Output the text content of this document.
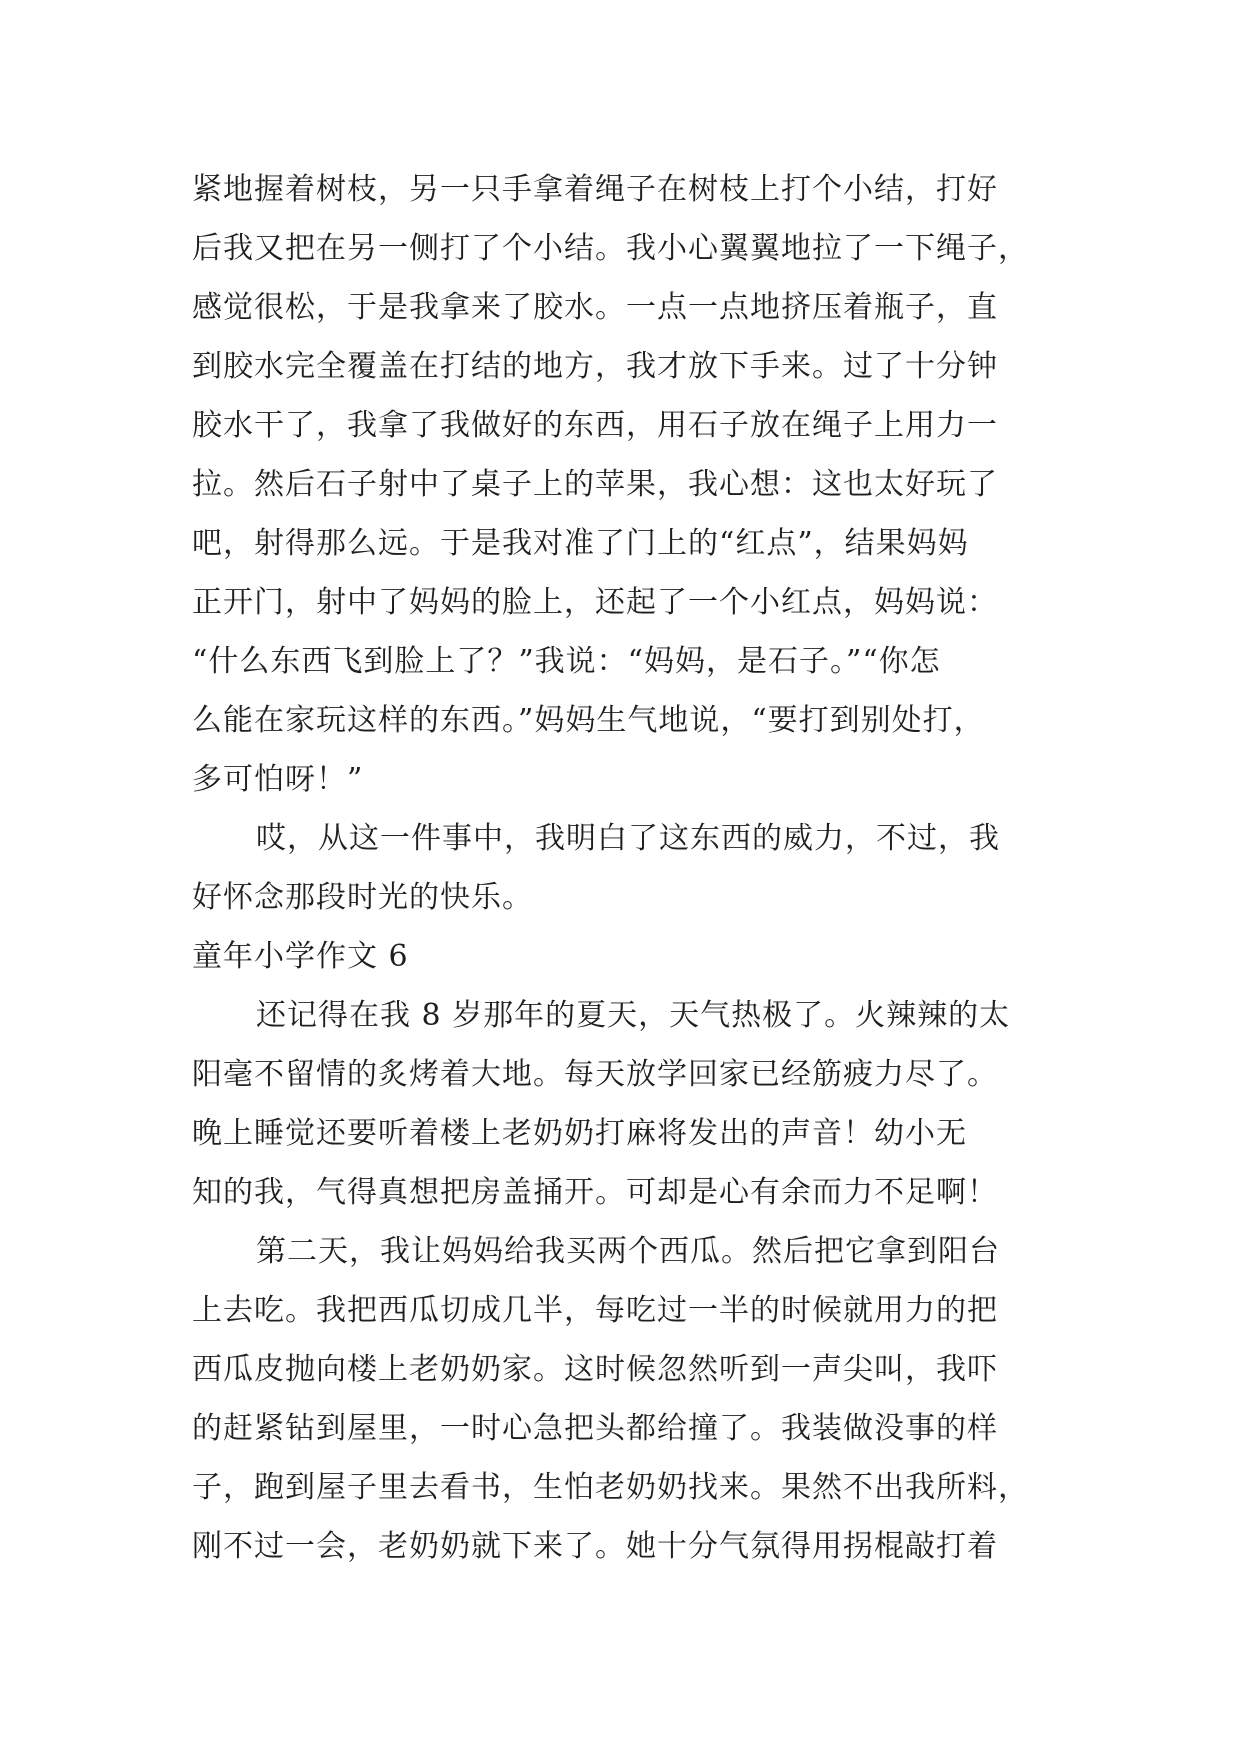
紧地握着树枝，另一只手拿着绳子在树枝上打个小结，打好
后我又把在另一侧打了个小结。我小心翼翼地拉了一下绳子，
感觉很松，于是我拿来了胶水。一点一点地挤压着瓶子，直
到胶水完全覆盖在打结的地方，我才放下手来。过了十分钟
胶水干了，我拿了我做好的东西，用石子放在绳子上用力一
拉。然后石子射中了桌子上的苹果，我心想：这也太好玩了
吧，射得那么远。于是我对准了门上的“红点”，结果妈妈
正开门，射中了妈妈的脸上，还起了一个小红点，妈妈说：
“什么东西飞到脸上了？”我说：“妈妈，是石子。”“你怎
么能在家玩这样的东西。”妈妈生气地说，“要打到别处打，
多可怕呀！”
哎，从这一件事中，我明白了这东西的威力，不过，我
好怀念那段时光的快乐。
童年小学作文 6
还记得在我 8 岁那年的夏天，天气热极了。火辣辣的太
阳毫不留情的炙烤着大地。每天放学回家已经筋疲力尽了。
晚上睡觉还要听着楼上老奶奶打麻将发出的声音！幼小无
知的我，气得真想把房盖捅开。可却是心有余而力不足啊！
第二天，我让妈妈给我买两个西瓜。然后把它拿到阳台
上去吃。我把西瓜切成几半，每吃过一半的时候就用力的把
西瓜皮抛向楼上老奶奶家。这时候忽然听到一声尖叫，我吓
的赶紧钻到屋里，一时心急把头都给撞了。我装做没事的样
子，跑到屋子里去看书，生怕老奶奶找来。果然不出我所料，
刚不过一会，老奶奶就下来了。她十分气氛得用拐棍敲打着
